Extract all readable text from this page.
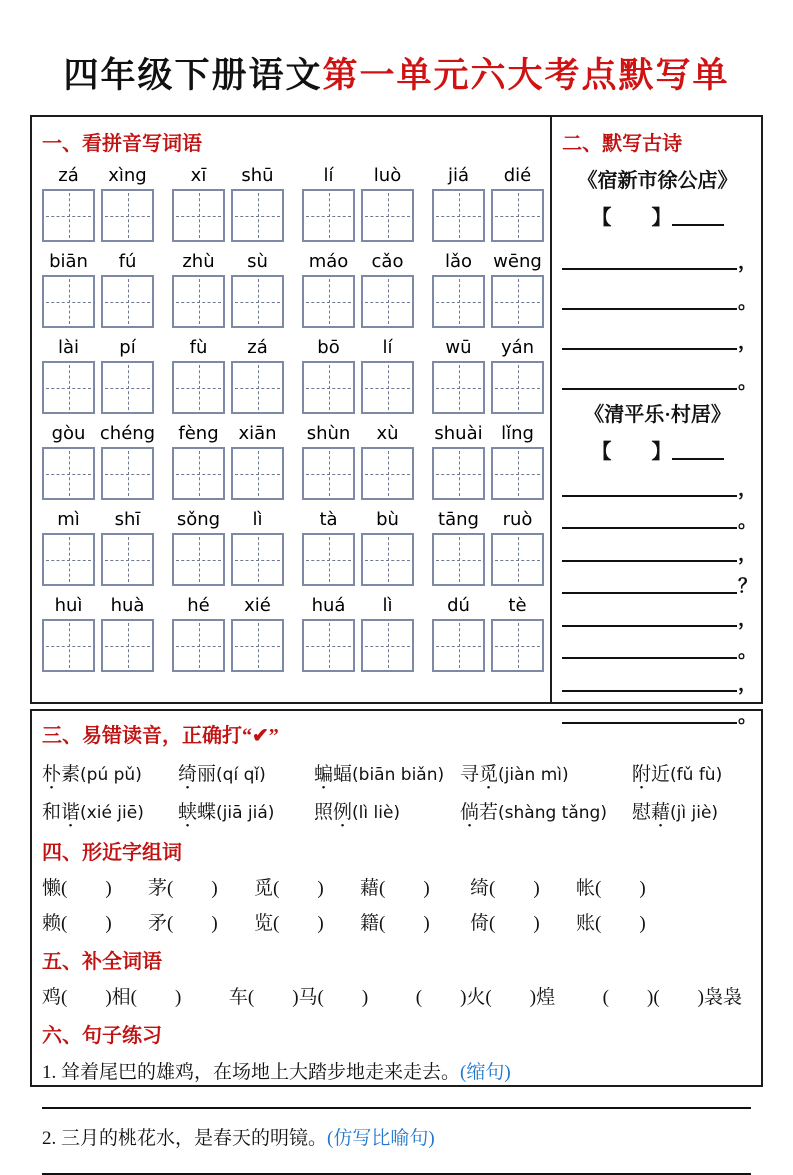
四年级下册语文第一单元六大考点默写单
一、看拼音写词语
zá xìng xī shū	lí luò	jiá dié
biān fú	zhù sù máo cǎo lǎo wēng
lài pí	fù zá	bō lí	wū yán
gòu chéng fèng xiān shùn xù shuài lǐng
mì shī sǒng lì	tà bù tāng ruò
huì huà hé xié huá lì	dú tè
二、默写古诗
《宿新市徐公店》
【　　】
，
。
，
。
《清平乐·村居》
【　　】
，
。
，
？
，
。
，
。
三、易错读音，正确打“✔”
朴素(pú pǔ)	绮丽(qí qǐ)	蝙蝠(biān biǎn) 寻觅(jiàn mì)	附近(fǔ fù)
和谐(xié jiē)	蛱蝶(jiā jiá)	照例(lì liè)	倘若(shàng tǎng)	慰藉(jì jiè)
四、形近字组词
懒(　　)	茅(　　)	觅(　　)	藉(　　)	绮(　　)	帐(　　)
赖(　　)	矛(　　)	览(　　)	籍(　　)	倚(　　)	账(　　)
五、补全词语
鸡(　　)相(　　)	车(　　)马(　　)	(　　)火(　　)煌	(　　)(　　)袅袅
六、句子练习
1. 耸着尾巴的雄鸡，在场地上大踏步地走来走去。(缩句)
2. 三月的桃花水，是春天的明镜。(仿写比喻句)
